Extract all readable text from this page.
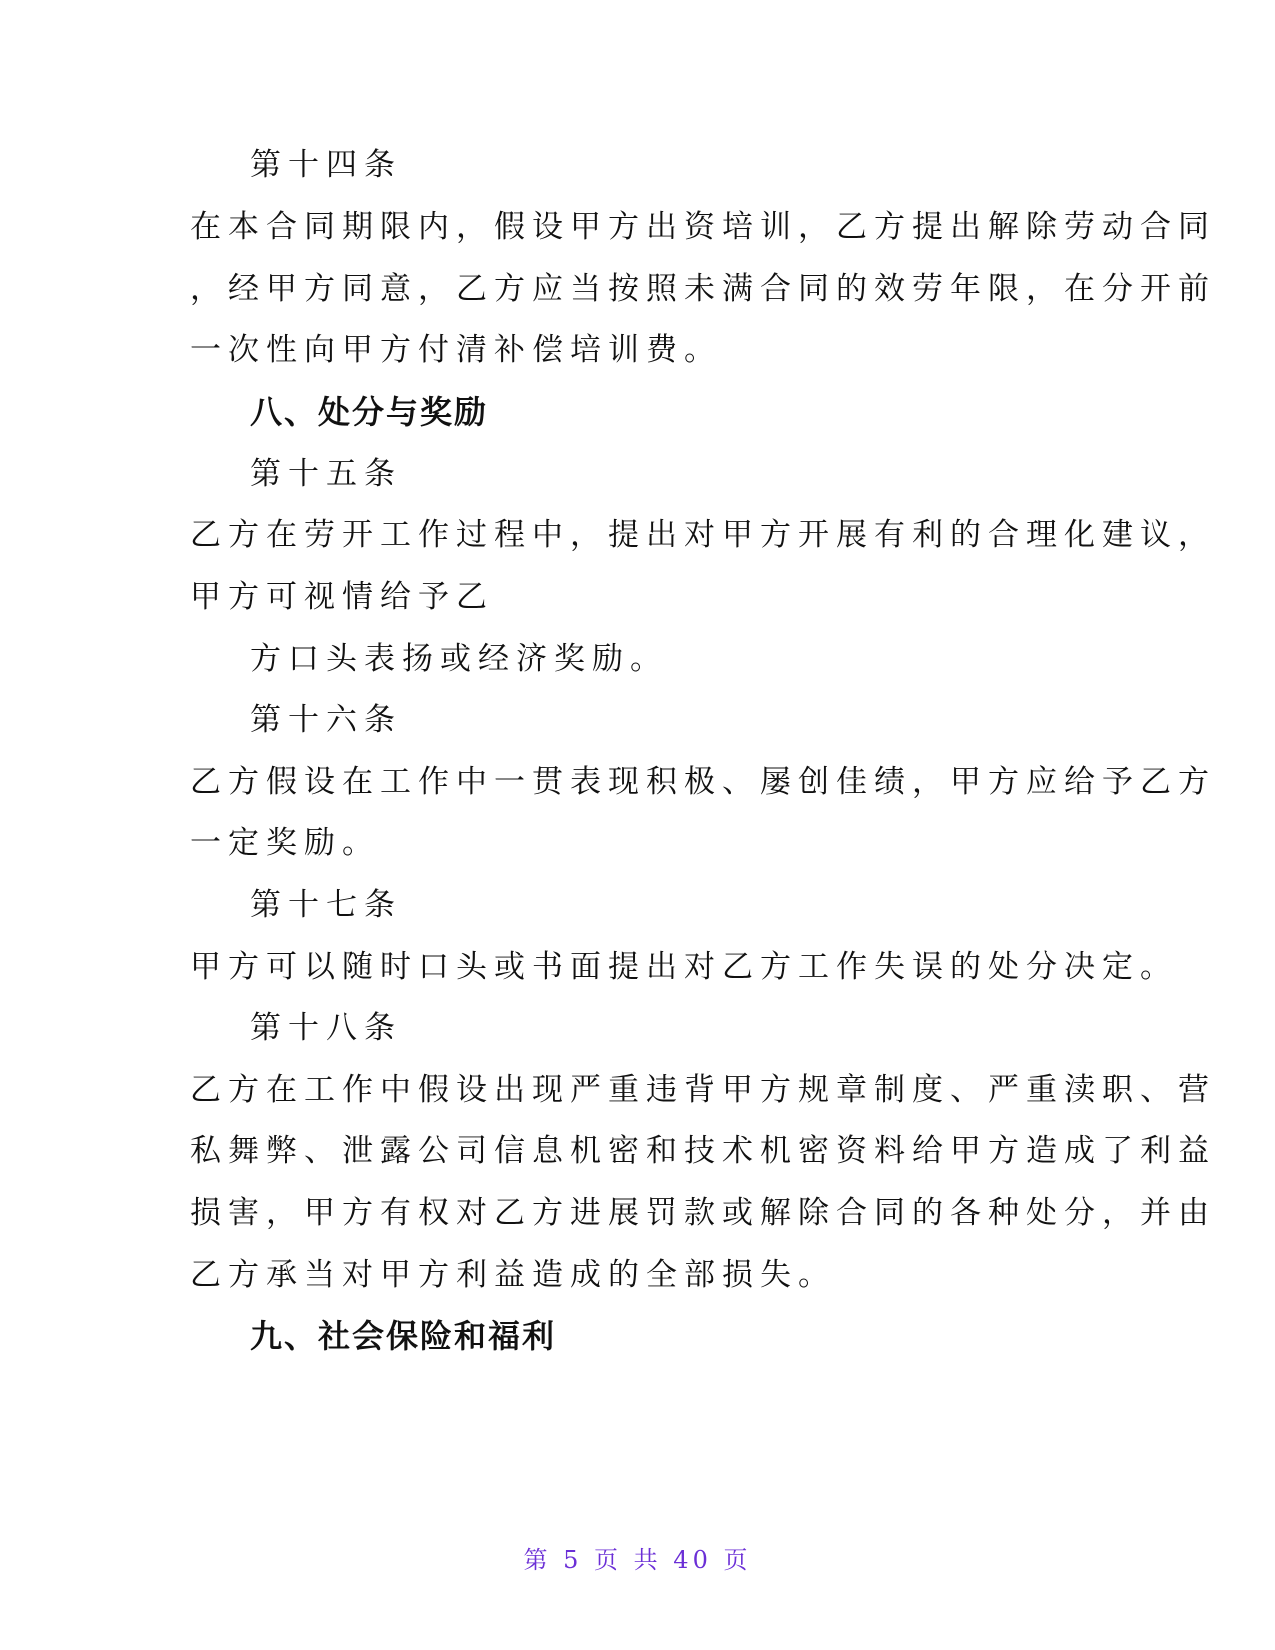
第十四条
在本合同期限内，假设甲方出资培训，乙方提出解除劳动合同
，经甲方同意，乙方应当按照未满合同的效劳年限，在分开前
一次性向甲方付清补偿培训费。
八、处分与奖励
第十五条
乙方在劳开工作过程中，提出对甲方开展有利的合理化建议，
甲方可视情给予乙
方口头表扬或经济奖励。
第十六条
乙方假设在工作中一贯表现积极、屡创佳绩，甲方应给予乙方
一定奖励。
第十七条
甲方可以随时口头或书面提出对乙方工作失误的处分决定。
第十八条
乙方在工作中假设出现严重违背甲方规章制度、严重渎职、营
私舞弊、泄露公司信息机密和技术机密资料给甲方造成了利益
损害，甲方有权对乙方进展罚款或解除合同的各种处分，并由
乙方承当对甲方利益造成的全部损失。
九、社会保险和福利
第 5 页 共 40 页
